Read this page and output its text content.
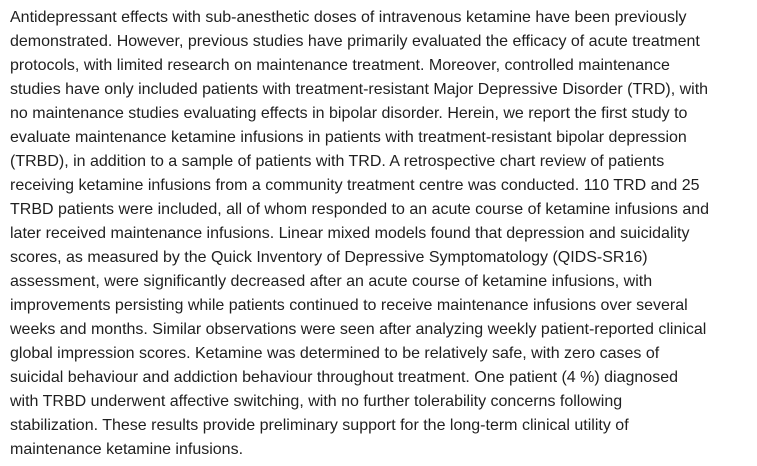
Antidepressant effects with sub-anesthetic doses of intravenous ketamine have been previously
demonstrated. However, previous studies have primarily evaluated the efficacy of acute treatment
protocols, with limited research on maintenance treatment. Moreover, controlled maintenance
studies have only included patients with treatment-resistant Major Depressive Disorder (TRD), with
no maintenance studies evaluating effects in bipolar disorder. Herein, we report the first study to
evaluate maintenance ketamine infusions in patients with treatment-resistant bipolar depression
(TRBD), in addition to a sample of patients with TRD. A retrospective chart review of patients
receiving ketamine infusions from a community treatment centre was conducted. 110 TRD and 25
TRBD patients were included, all of whom responded to an acute course of ketamine infusions and
later received maintenance infusions. Linear mixed models found that depression and suicidality
scores, as measured by the Quick Inventory of Depressive Symptomatology (QIDS-SR16)
assessment, were significantly decreased after an acute course of ketamine infusions, with
improvements persisting while patients continued to receive maintenance infusions over several
weeks and months. Similar observations were seen after analyzing weekly patient-reported clinical
global impression scores. Ketamine was determined to be relatively safe, with zero cases of
suicidal behaviour and addiction behaviour throughout treatment. One patient (4 %) diagnosed
with TRBD underwent affective switching, with no further tolerability concerns following
stabilization. These results provide preliminary support for the long-term clinical utility of
maintenance ketamine infusions.
